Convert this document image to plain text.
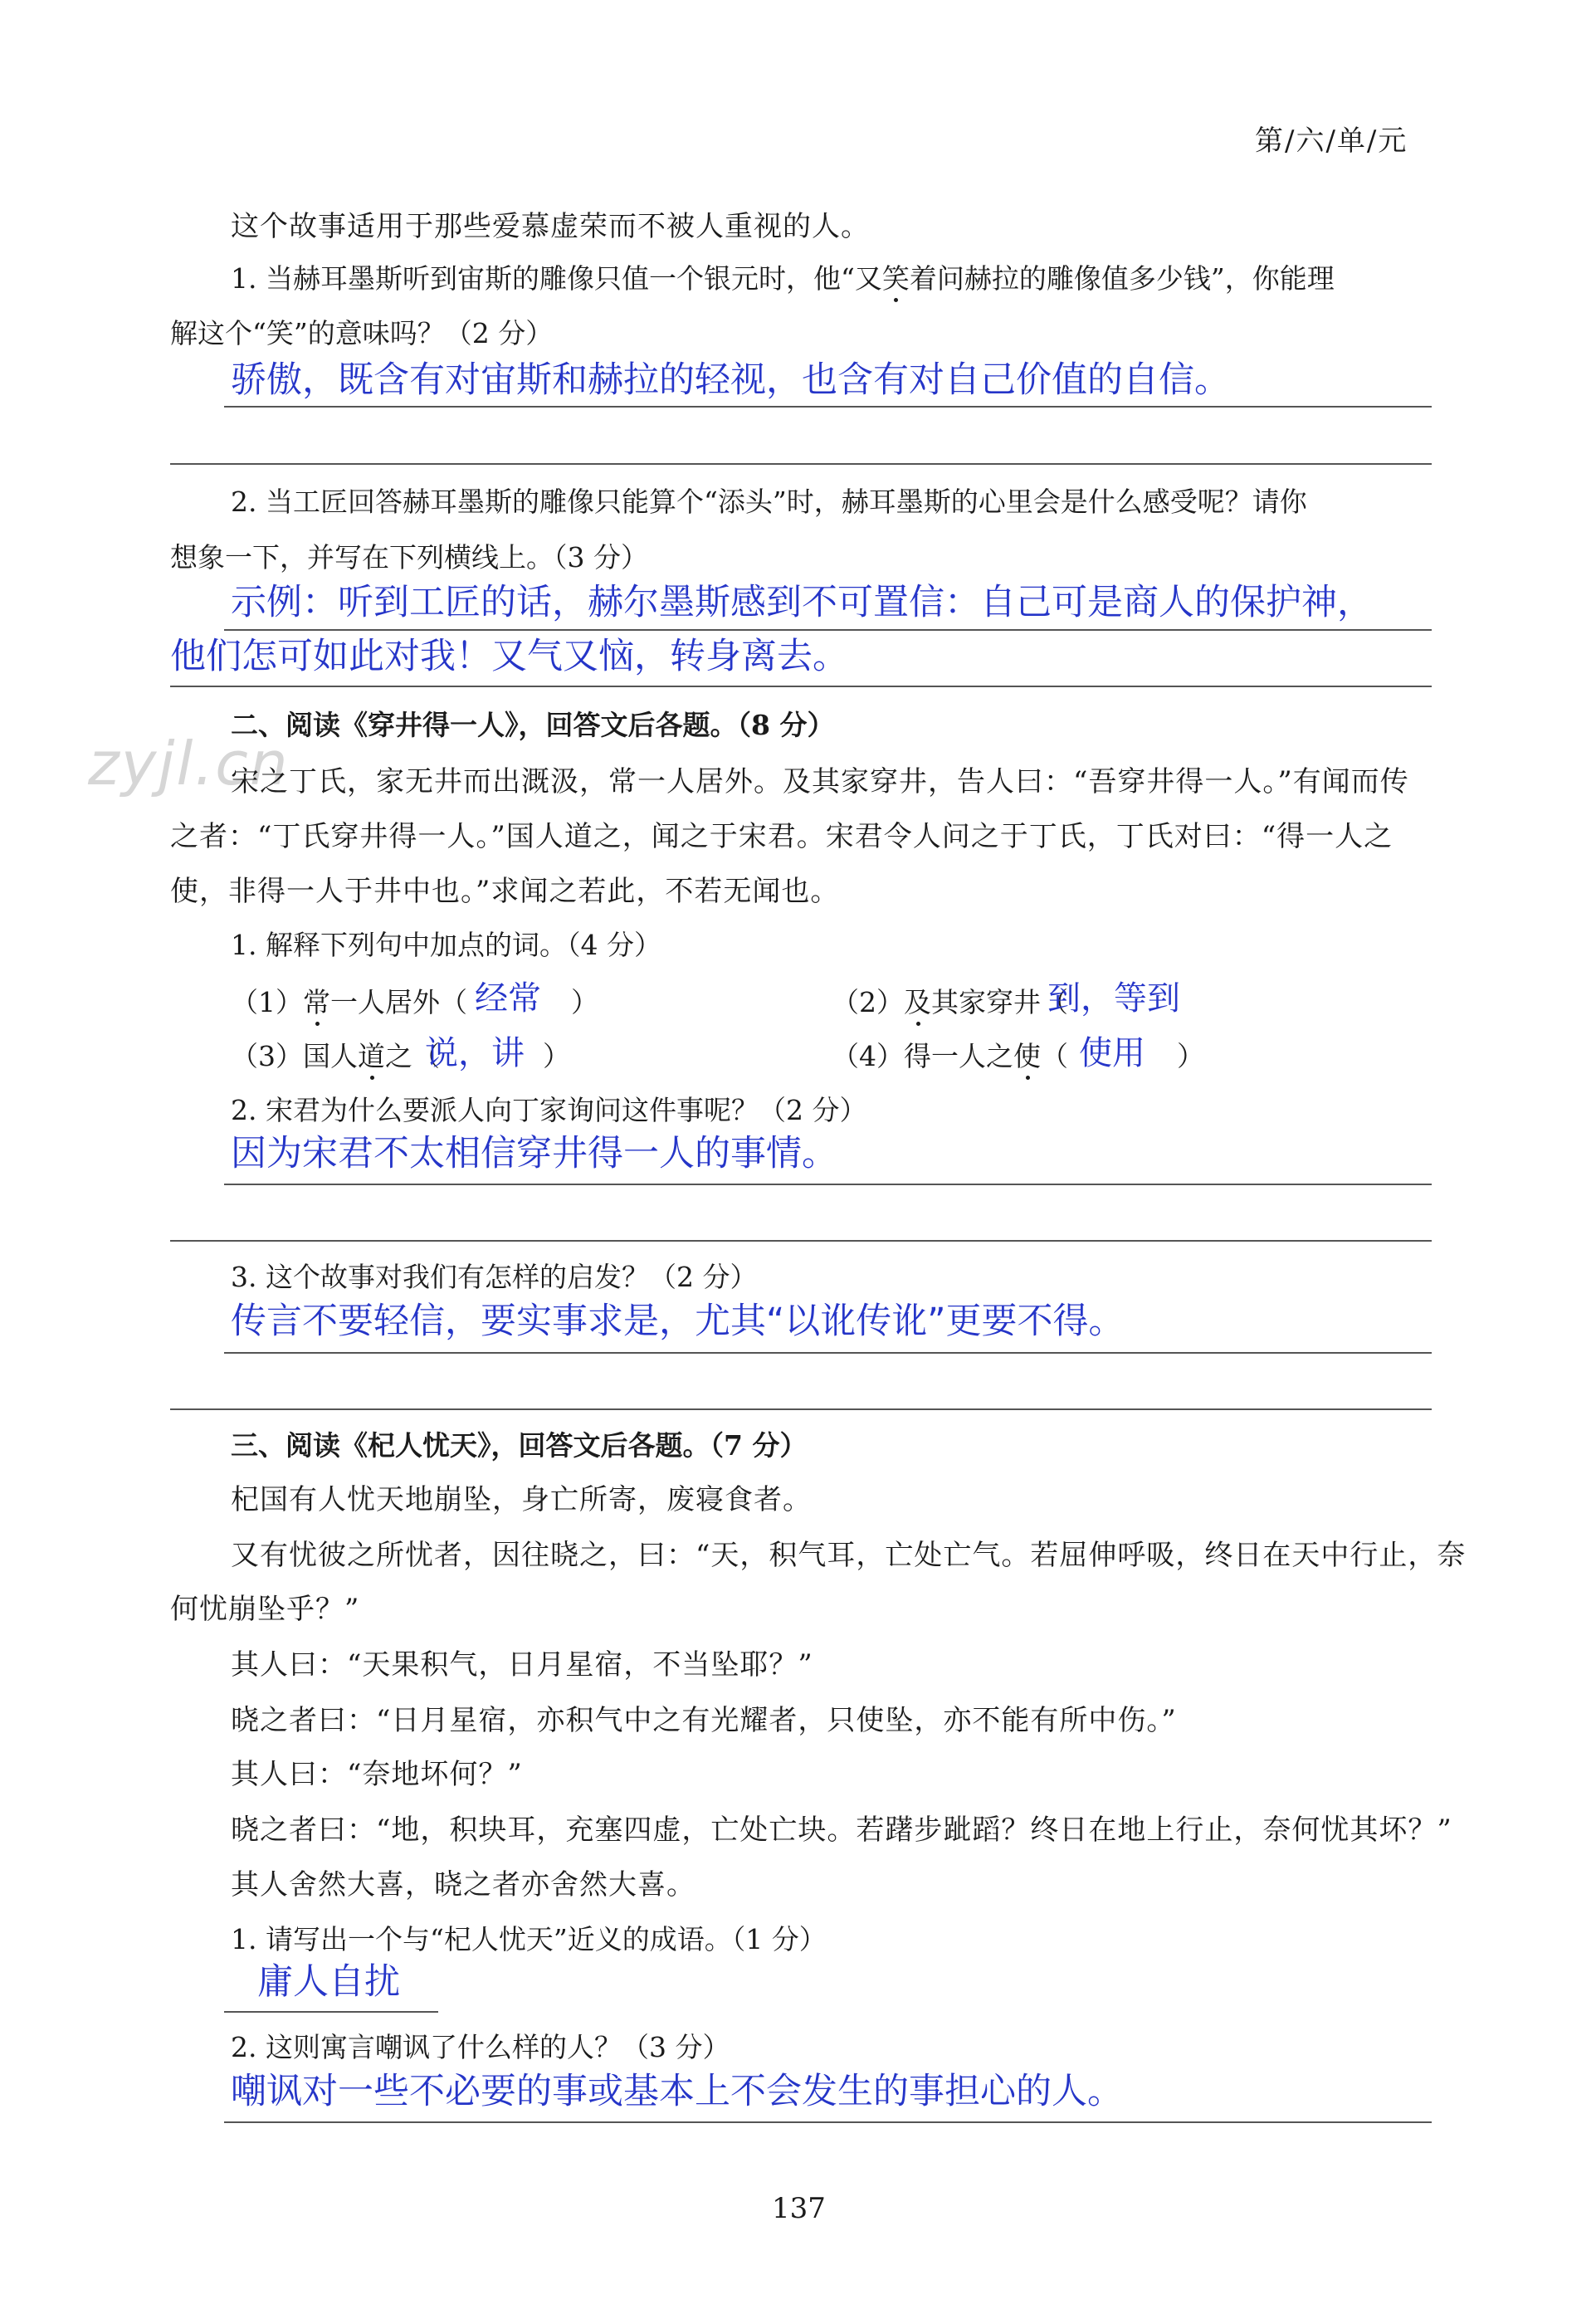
第/六/单/元
zyjl.cn
这个故事适用于那些爱慕虚荣而不被人重视的人。
1. 当赫耳墨斯听到宙斯的雕像只值一个银元时，他“又笑着问赫拉的雕像值多少钱”，你能理
解这个“笑”的意味吗？（2 分）
骄傲，既含有对宙斯和赫拉的轻视，也含有对自己价值的自信。
2. 当工匠回答赫耳墨斯的雕像只能算个“添头”时，赫耳墨斯的心里会是什么感受呢？请你
想象一下，并写在下列横线上。（3 分）
示例：听到工匠的话，赫尔墨斯感到不可置信：自己可是商人的保护神，
他们怎可如此对我！又气又恼，转身离去。
二、阅读《穿井得一人》，回答文后各题。（8 分）
宋之丁氏，家无井而出溉汲，常一人居外。及其家穿井，告人曰：“吾穿井得一人。”有闻而传
之者：“丁氏穿井得一人。”国人道之，闻之于宋君。宋君令人问之于丁氏，丁氏对曰：“得一人之
使，非得一人于井中也。”求闻之若此，不若无闻也。
1. 解释下列句中加点的词。（4 分）
（1）常一人居外（ 经常 ）	（2）及其家穿井（
到，等到
（3）国人道之（
说，讲 ）	（4）得一人之使（ 使用 ）
2. 宋君为什么要派人向丁家询问这件事呢？（2 分）
因为宋君不太相信穿井得一人的事情。
3. 这个故事对我们有怎样的启发？（2 分）
传言不要轻信，要实事求是，尤其“以讹传讹”更要不得。
三、阅读《杞人忧天》，回答文后各题。（7 分）
杞国有人忧天地崩坠，身亡所寄，废寝食者。
又有忧彼之所忧者，因往晓之，曰：“天，积气耳，亡处亡气。若屈伸呼吸，终日在天中行止，奈
何忧崩坠乎？”
其人曰：“天果积气，日月星宿，不当坠耶？”
晓之者曰：“日月星宿，亦积气中之有光耀者，只使坠，亦不能有所中伤。”
其人曰：“奈地坏何？”
晓之者曰：“地，积块耳，充塞四虚，亡处亡块。若躇步跐蹈？终日在地上行止，奈何忧其坏？”
其人舍然大喜，晓之者亦舍然大喜。
1. 请写出一个与“杞人忧天”近义的成语。（1 分）
庸人自扰
2. 这则寓言嘲讽了什么样的人？（3 分）
嘲讽对一些不必要的事或基本上不会发生的事担心的人。
137
